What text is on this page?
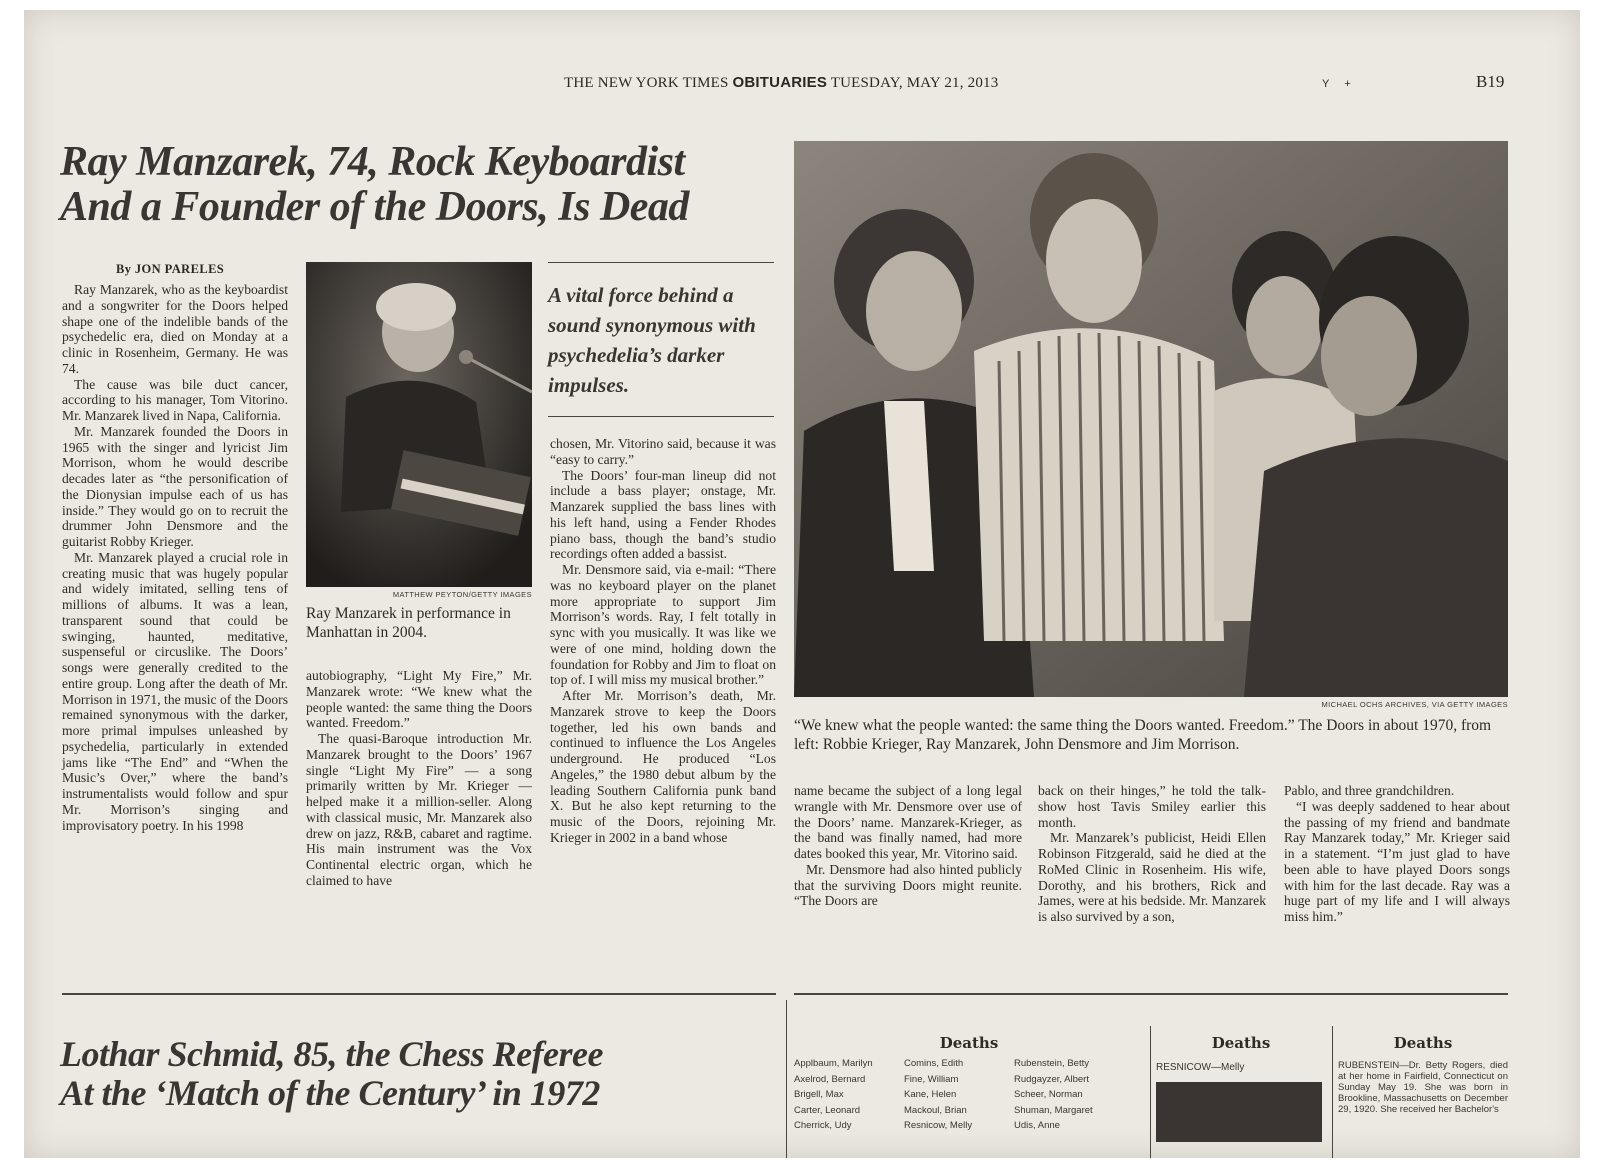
THE NEW YORK TIMES OBITUARIES TUESDAY, MAY 21, 2013	Y     +	B19
Ray Manzarek, 74, Rock Keyboardist
And a Founder of the Doors, Is Dead
By JON PARELES

Ray Manzarek, who as the keyboardist and a songwriter for the Doors helped shape one of the indelible bands of the psychedelic era, died on Monday at a clinic in Rosenheim, Germany. He was 74.

The cause was bile duct cancer, according to his manager, Tom Vitorino. Mr. Manzarek lived in Napa, California.

Mr. Manzarek founded the Doors in 1965 with the singer and lyricist Jim Morrison, whom he would describe decades later as “the personification of the Dionysian impulse each of us has inside.” They would go on to recruit the drummer John Densmore and the guitarist Robby Krieger.

Mr. Manzarek played a crucial role in creating music that was hugely popular and widely imitated, selling tens of millions of albums. It was a lean, transparent sound that could be swinging, haunted, meditative, suspenseful or circuslike. The Doors’ songs were generally credited to the entire group. Long after the death of Mr. Morrison in 1971, the music of the Doors remained synonymous with the darker, more primal impulses unleashed by psychedelia, particularly in extended jams like “The End” and “When the Music’s Over,” where the band’s instrumentalists would follow and spur Mr. Morrison’s singing and improvisatory poetry. In his 1998

MATTHEW PEYTON/GETTY IMAGES
Ray Manzarek in performance in Manhattan in 2004.

autobiography, “Light My Fire,” Mr. Manzarek wrote: “We knew what the people wanted: the same thing the Doors wanted. Freedom.”

The quasi-Baroque introduction Mr. Manzarek brought to the Doors’ 1967 single “Light My Fire” — a song primarily written by Mr. Krieger — helped make it a million-seller. Along with classical music, Mr. Manzarek also drew on jazz, R&B, cabaret and ragtime. His main instrument was the Vox Continental electric organ, which he claimed to have

A vital force behind a sound synonymous with psychedelia’s darker impulses.

chosen, Mr. Vitorino said, because it was “easy to carry.”

The Doors’ four-man lineup did not include a bass player; onstage, Mr. Manzarek supplied the bass lines with his left hand, using a Fender Rhodes piano bass, though the band’s studio recordings often added a bassist.

Mr. Densmore said, via e-mail: “There was no keyboard player on the planet more appropriate to support Jim Morrison’s words. Ray, I felt totally in sync with you musically. It was like we were of one mind, holding down the foundation for Robby and Jim to float on top of. I will miss my musical brother.”

After Mr. Morrison’s death, Mr. Manzarek strove to keep the Doors together, led his own bands and continued to influence the Los Angeles underground. He produced “Los Angeles,” the 1980 debut album by the leading Southern California punk band X. But he also kept returning to the music of the Doors, rejoining Mr. Krieger in 2002 in a band whose

MICHAEL OCHS ARCHIVES, VIA GETTY IMAGES
“We knew what the people wanted: the same thing the Doors wanted. Freedom.” The Doors in about 1970, from left: Robbie Krieger, Ray Manzarek, John Densmore and Jim Morrison.

name became the subject of a long legal wrangle with Mr. Densmore over use of the Doors’ name. Manzarek-Krieger, as the band was finally named, had more dates booked this year, Mr. Vitorino said.

Mr. Densmore had also hinted publicly that the surviving Doors might reunite. “The Doors are

back on their hinges,” he told the talk-show host Tavis Smiley earlier this month.

Mr. Manzarek’s publicist, Heidi Ellen Robinson Fitzgerald, said he died at the RoMed Clinic in Rosenheim. His wife, Dorothy, and his brothers, Rick and James, were at his bedside. Mr. Manzarek is also survived by a son,

Pablo, and three grandchildren.

“I was deeply saddened to hear about the passing of my friend and bandmate Ray Manzarek today,” Mr. Krieger said in a statement. “I’m just glad to have been able to have played Doors songs with him for the last decade. Ray was a huge part of my life and I will always miss him.”

Lothar Schmid, 85, the Chess Referee
At the ‘Match of the Century’ in 1972
Deaths
Applbaum, Marilyn
Axelrod, Bernard
Brigell, Max
Carter, Leonard
Cherrick, Udy
Comins, Edith
Fine, William
Kane, Helen
Mackoul, Brian
Resnicow, Melly
Rubenstein, Betty
Rudgayzer, Albert
Scheer, Norman
Shuman, Margaret
Udis, Anne
Deaths
RESNICOW—Melly
Deaths
RUBENSTEIN—Dr. Betty Rogers, died at her home in Fairfield, Connecticut on Sunday May 19. She was born in Brookline, Massachusetts on December 29, 1920. She received her Bachelor's
